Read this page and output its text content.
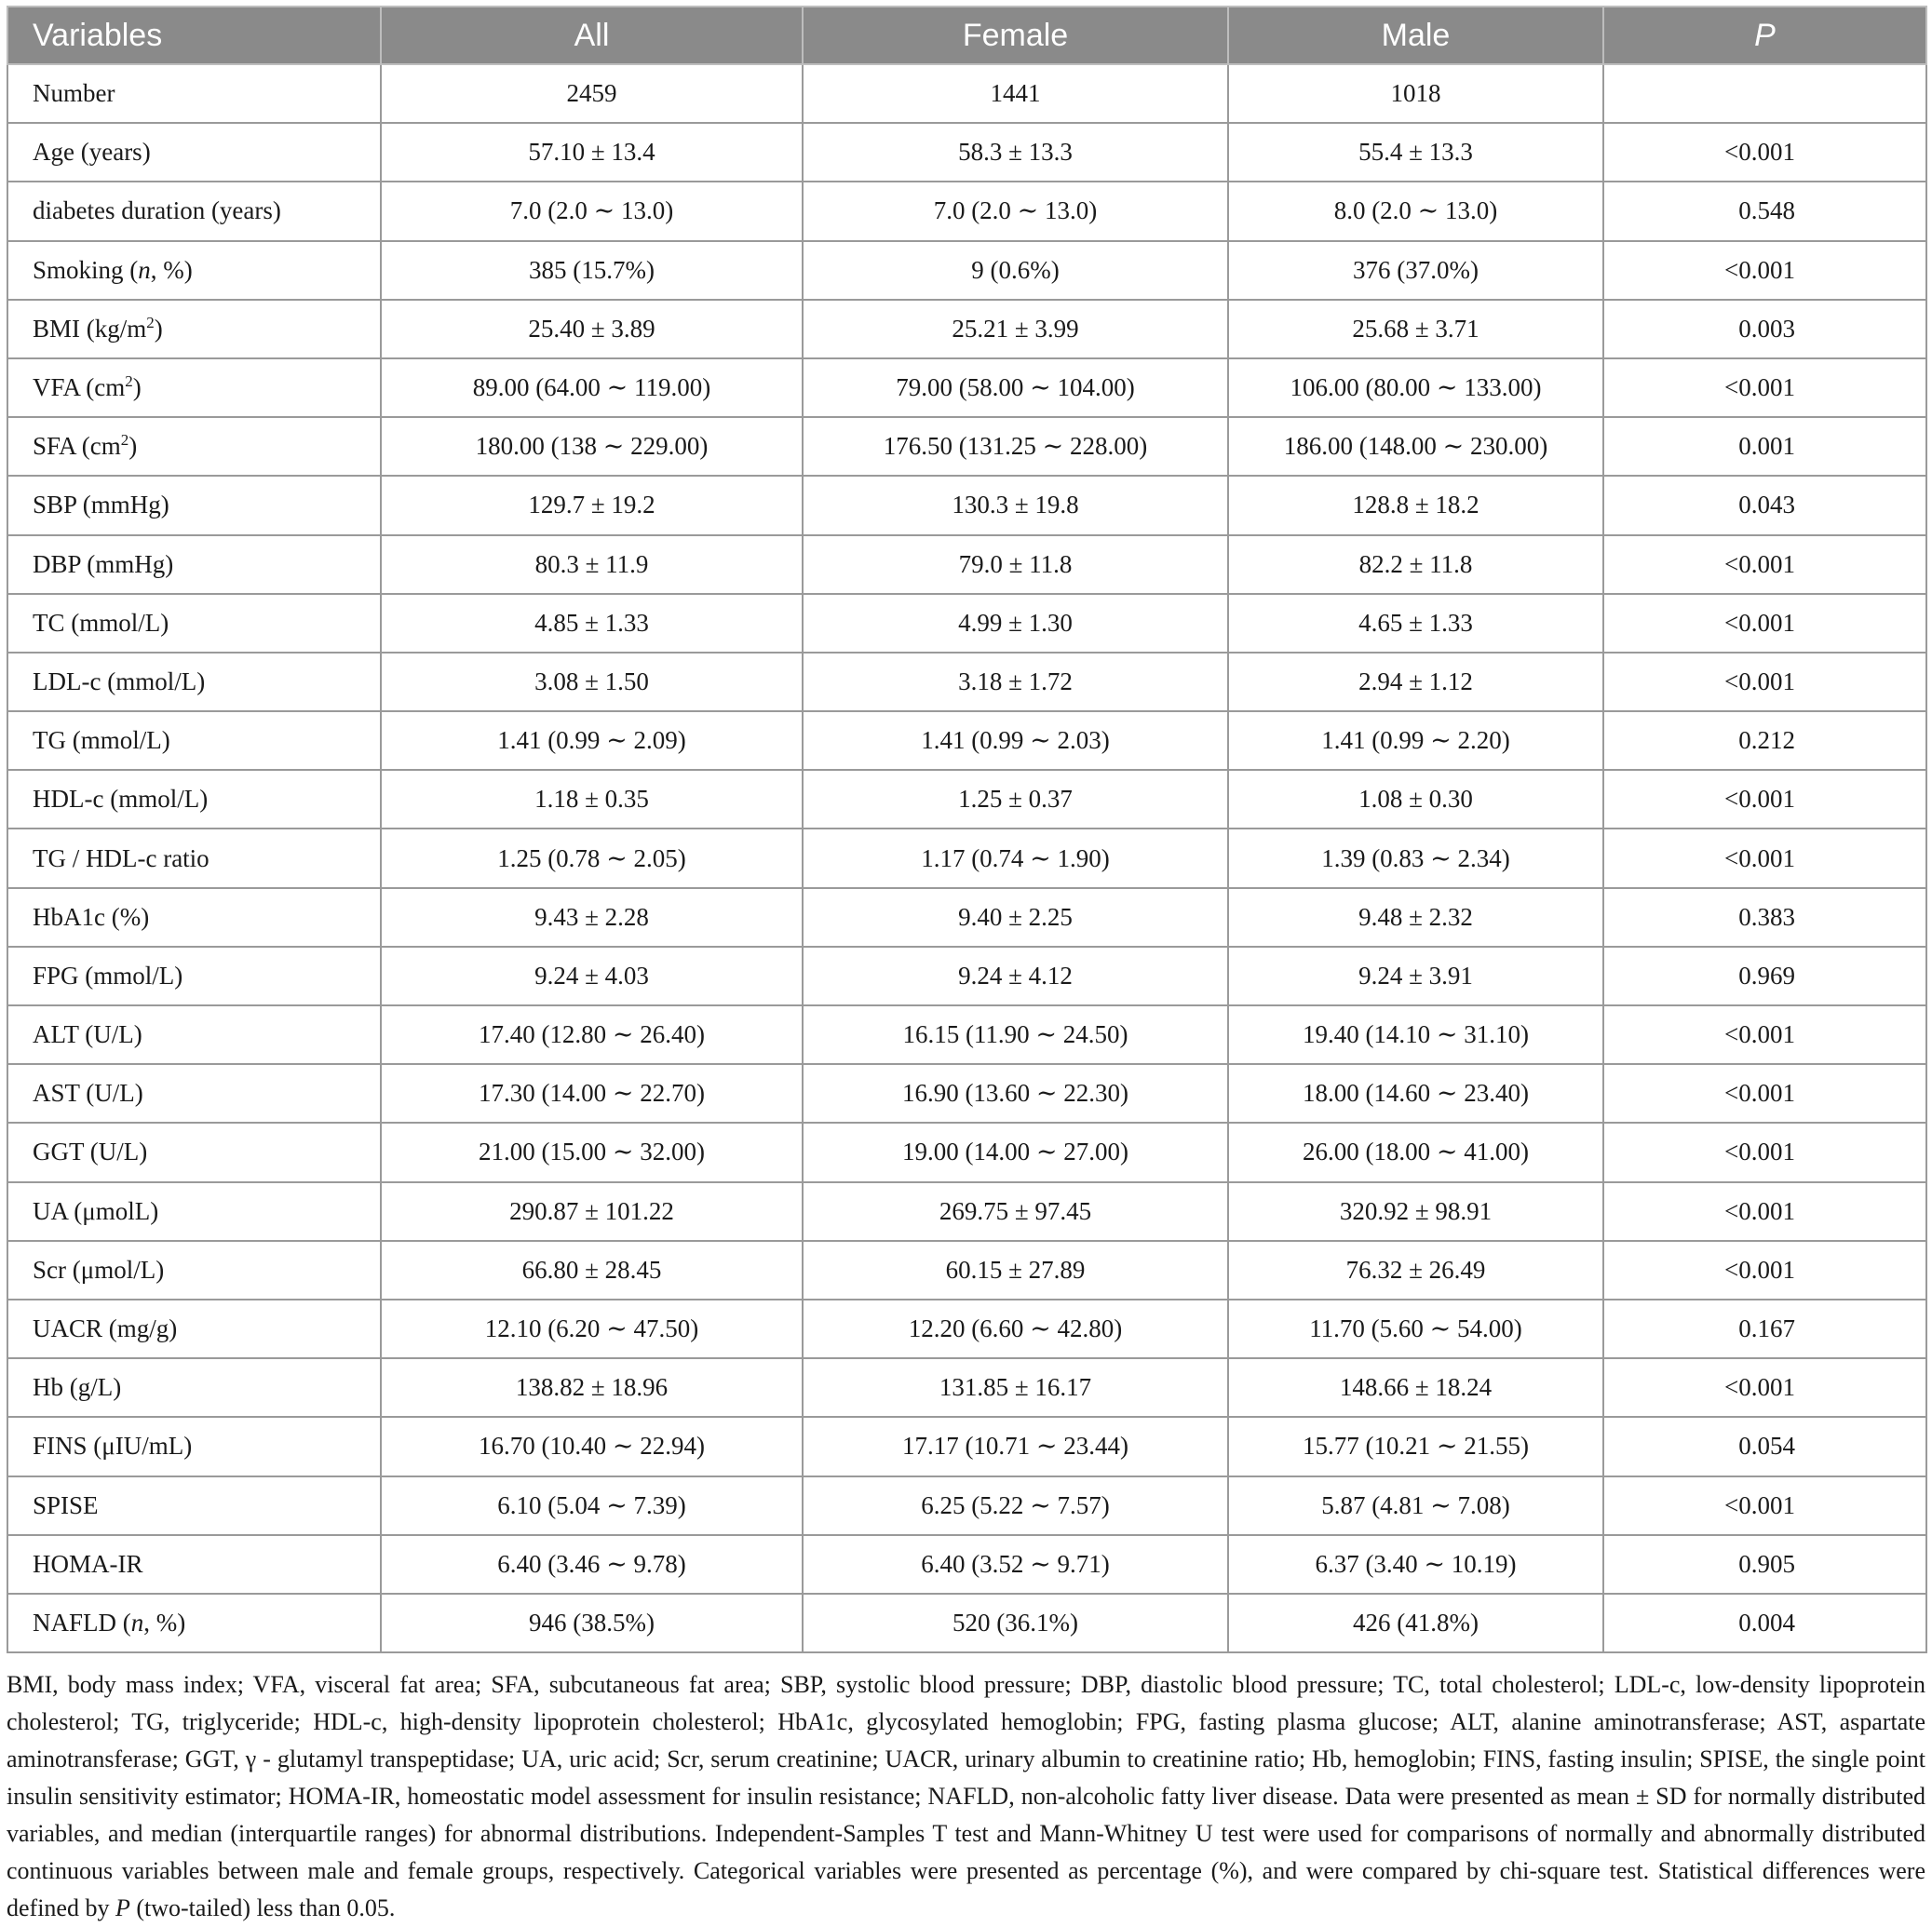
Variables	All	Female	Male	P
Number	2459	1441	1018	
Age (years)	57.10 ± 13.4	58.3 ± 13.3	55.4 ± 13.3	<0.001
diabetes duration (years)	7.0 (2.0 ∼ 13.0)	7.0 (2.0 ∼ 13.0)	8.0 (2.0 ∼ 13.0)	0.548
Smoking (n, %)	385 (15.7%)	9 (0.6%)	376 (37.0%)	<0.001
BMI $(kg/m^2)$	25.40 ± 3.89	25.21 ± 3.99	25.68 ± 3.71	0.003
VFA $(cm^2)$	89.00 (64.00 ∼ 119.00)	79.00 (58.00 ∼ 104.00)	106.00 (80.00 ∼ 133.00)	<0.001
SFA $(cm^2)$	180.00 (138 ∼ 229.00)	176.50 (131.25 ∼ 228.00)	186.00 (148.00 ∼ 230.00)	0.001
SBP (mmHg)	129.7 ± 19.2	130.3 ± 19.8	128.8 ± 18.2	0.043
DBP (mmHg)	80.3 ± 11.9	79.0 ± 11.8	82.2 ± 11.8	<0.001
TC (mmol/L)	4.85 ± 1.33	4.99 ± 1.30	4.65 ± 1.33	<0.001
LDL-c (mmol/L)	3.08 ± 1.50	3.18 ± 1.72	2.94 ± 1.12	<0.001
TG (mmol/L)	1.41 (0.99 ∼ 2.09)	1.41 (0.99 ∼ 2.03)	1.41 (0.99 ∼ 2.20)	0.212
HDL-c (mmol/L)	1.18 ± 0.35	1.25 ± 0.37	1.08 ± 0.30	<0.001
TG / HDL-c ratio	1.25 (0.78 ∼ 2.05)	1.17 (0.74 ∼ 1.90)	1.39 (0.83 ∼ 2.34)	<0.001
HbA1c (%)	9.43 ± 2.28	9.40 ± 2.25	9.48 ± 2.32	0.383
FPG (mmol/L)	9.24 ± 4.03	9.24 ± 4.12	9.24 ± 3.91	0.969
ALT (U/L)	17.40 (12.80 ∼ 26.40)	16.15 (11.90 ∼ 24.50)	19.40 (14.10 ∼ 31.10)	<0.001
AST (U/L)	17.30 (14.00 ∼ 22.70)	16.90 (13.60 ∼ 22.30)	18.00 (14.60 ∼ 23.40)	<0.001
GGT (U/L)	21.00 (15.00 ∼ 32.00)	19.00 (14.00 ∼ 27.00)	26.00 (18.00 ∼ 41.00)	<0.001
UA (μmolL)	290.87 ± 101.22	269.75 ± 97.45	320.92 ± 98.91	<0.001
Scr (μmol/L)	66.80 ± 28.45	60.15 ± 27.89	76.32 ± 26.49	<0.001
UACR (mg/g)	12.10 (6.20 ∼ 47.50)	12.20 (6.60 ∼ 42.80)	11.70 (5.60 ∼ 54.00)	0.167
Hb (g/L)	138.82 ± 18.96	131.85 ± 16.17	148.66 ± 18.24	<0.001
FINS (μIU/mL)	16.70 (10.40 ∼ 22.94)	17.17 (10.71 ∼ 23.44)	15.77 (10.21 ∼ 21.55)	0.054
SPISE	6.10 (5.04 ∼ 7.39)	6.25 (5.22 ∼ 7.57)	5.87 (4.81 ∼ 7.08)	<0.001
HOMA-IR	6.40 (3.46 ∼ 9.78)	6.40 (3.52 ∼ 9.71)	6.37 (3.40 ∼ 10.19)	0.905
NAFLD (n, %)	946 (38.5%)	520 (36.1%)	426 (41.8%)	0.004
BMI, body mass index; VFA, visceral fat area; SFA, subcutaneous fat area; SBP, systolic blood pressure; DBP, diastolic blood pressure; TC, total cholesterol; LDL-c, low-density lipoprotein cholesterol; TG, triglyceride; HDL-c, high-density lipoprotein cholesterol; HbA1c, glycosylated hemoglobin; FPG, fasting plasma glucose; ALT, alanine aminotransferase; AST, aspartate aminotransferase; GGT, γ - glutamyl transpeptidase; UA, uric acid; Scr, serum creatinine; UACR, urinary albumin to creatinine ratio; Hb, hemoglobin; FINS, fasting insulin; SPISE, the single point insulin sensitivity estimator; HOMA-IR, homeostatic model assessment for insulin resistance; NAFLD, non-alcoholic fatty liver disease. Data were presented as mean ± SD for normally distributed variables, and median (interquartile ranges) for abnormal distributions. Independent-Samples T test and Mann-Whitney U test were used for comparisons of normally and abnormally distributed continuous variables between male and female groups, respectively. Categorical variables were presented as percentage (%), and were compared by chi-square test. Statistical differences were defined by P (two-tailed) less than 0.05.
